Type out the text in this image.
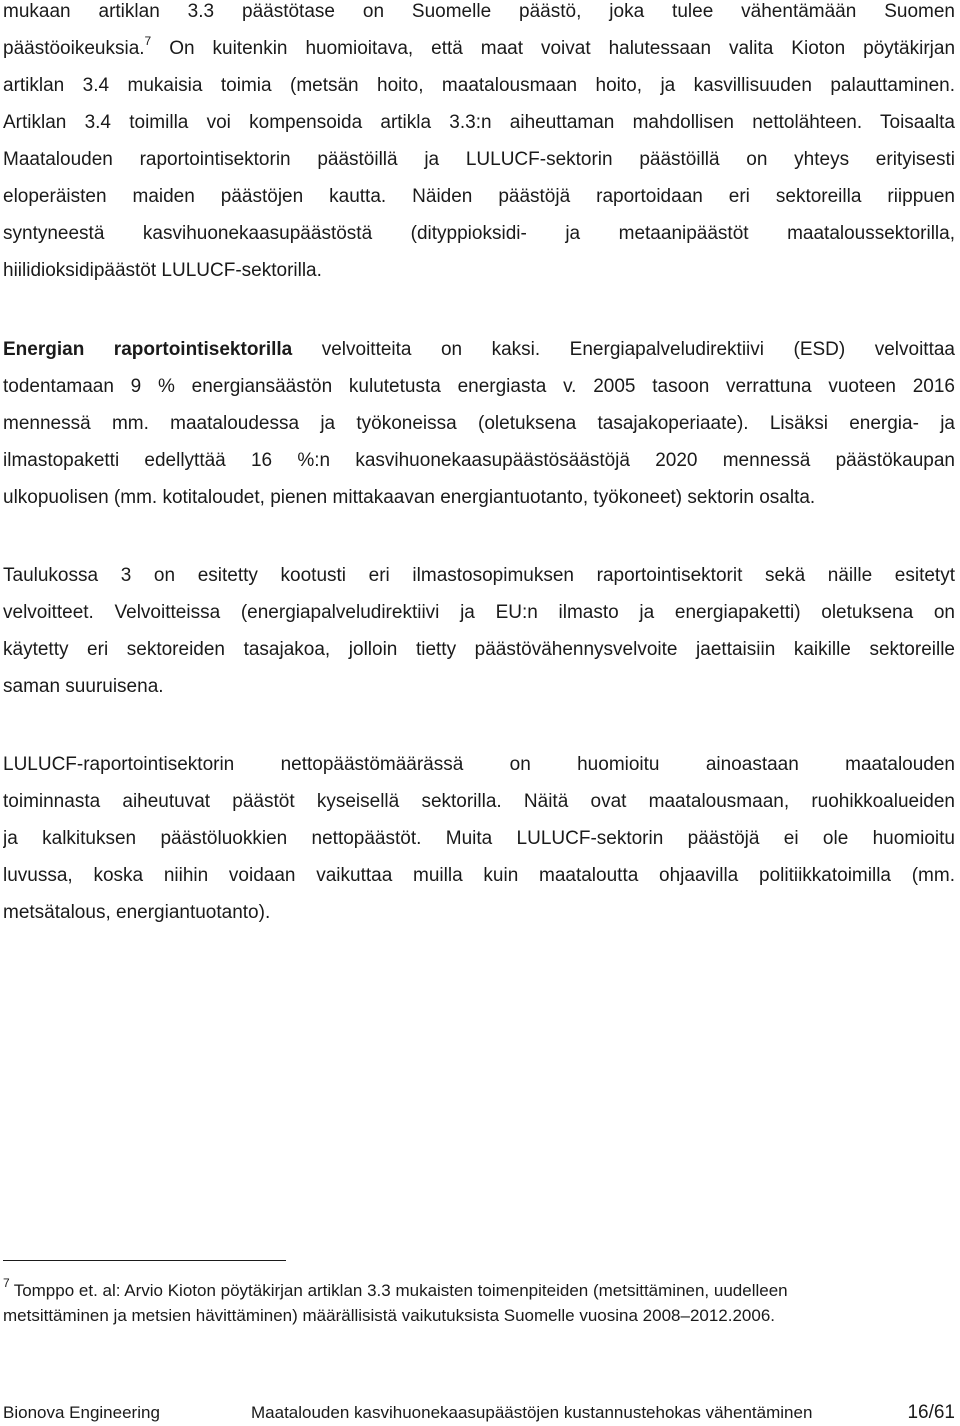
mukaan artiklan 3.3 päästötase on Suomelle päästö, joka tulee vähentämään Suomen
päästöoikeuksia.$^7$ On kuitenkin huomioitava, että maat voivat halutessaan valita Kioton pöytäkirjan
artiklan 3.4 mukaisia toimia (metsän hoito, maatalousmaan hoito, ja kasvillisuuden palauttaminen.
Artiklan 3.4 toimilla voi kompensoida artikla 3.3:n aiheuttaman mahdollisen nettolähteen. Toisaalta
Maatalouden raportointisektorin päästöillä ja LULUCF-sektorin päästöillä on yhteys erityisesti
eloperäisten maiden päästöjen kautta. Näiden päästöjä raportoidaan eri sektoreilla riippuen
syntyneestä kasvihuonekaasupäästöstä (dityppioksidi- ja metaanipäästöt maataloussektorilla,
hiilidioksidipäästöt LULUCF-sektorilla.
Energian raportointisektorilla velvoitteita on kaksi. Energiapalveludirektiivi (ESD) velvoittaa
todentamaan 9 % energiansäästön kulutetusta energiasta v. 2005 tasoon verrattuna vuoteen 2016
mennessä mm. maataloudessa ja työkoneissa (oletuksena tasajakoperiaate). Lisäksi energia- ja
ilmastopaketti edellyttää 16 %:n kasvihuonekaasupäästösäästöjä 2020 mennessä päästökaupan
ulkopuolisen (mm. kotitaloudet, pienen mittakaavan energiantuotanto, työkoneet) sektorin osalta.
Taulukossa 3 on esitetty kootusti eri ilmastosopimuksen raportointisektorit sekä näille esitetyt
velvoitteet. Velvoitteissa (energiapalveludirektiivi ja EU:n ilmasto ja energiapaketti) oletuksena on
käytetty eri sektoreiden tasajakoa, jolloin tietty päästövähennysvelvoite jaettaisiin kaikille sektoreille
saman suuruisena.
LULUCF-raportointisektorin nettopäästömäärässä on huomioitu ainoastaan maatalouden
toiminnasta aiheutuvat päästöt kyseisellä sektorilla. Näitä ovat maatalousmaan, ruohikkoalueiden
ja kalkituksen päästöluokkien nettopäästöt. Muita LULUCF-sektorin päästöjä ei ole huomioitu
luvussa, koska niihin voidaan vaikuttaa muilla kuin maataloutta ohjaavilla politiikkatoimilla (mm.
metsätalous, energiantuotanto).
$^7$ Tomppo et. al: Arvio Kioton pöytäkirjan artiklan 3.3 mukaisten toimenpiteiden (metsittäminen, uudelleen
metsittäminen ja metsien hävittäminen) määrällisistä vaikutuksista Suomelle vuosina 2008–2012.2006.
Bionova Engineering	Maatalouden kasvihuonekaasupäästöjen kustannustehokas vähentäminen	16/61
